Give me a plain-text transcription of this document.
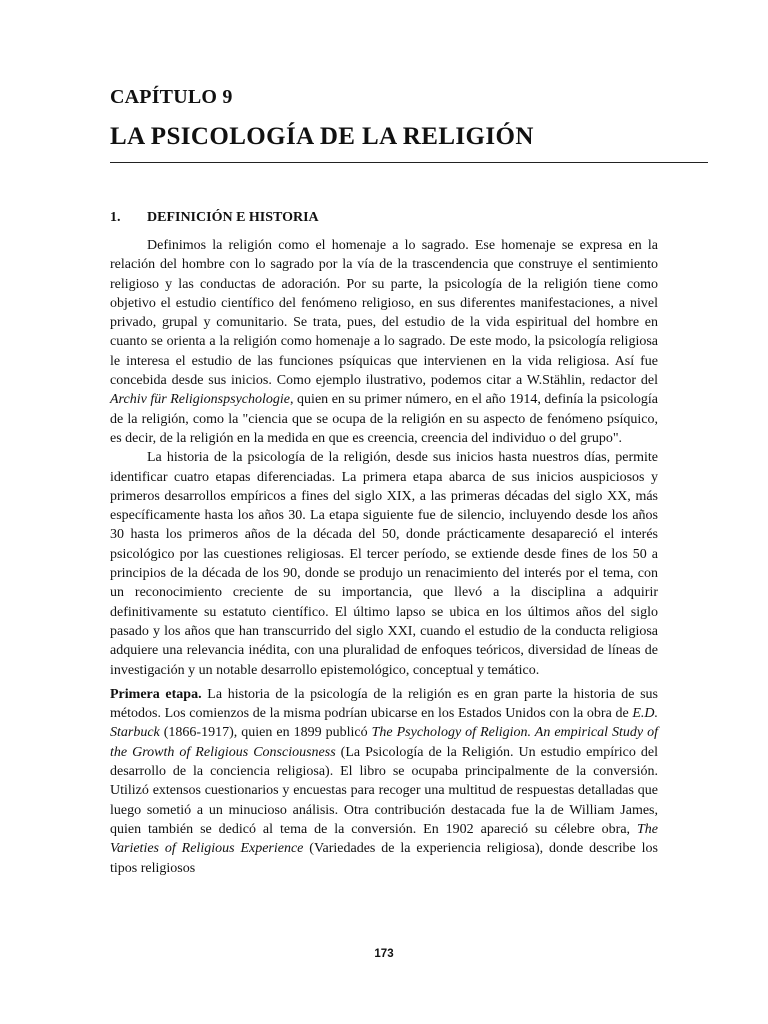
CAPÍTULO 9
LA PSICOLOGÍA DE LA RELIGIÓN
1. DEFINICIÓN E HISTORIA

Definimos la religión como el homenaje a lo sagrado. Ese homenaje se expresa en la relación del hombre con lo sagrado por la vía de la trascendencia que construye el sentimiento religioso y las conductas de adoración. Por su parte, la psicología de la religión tiene como objetivo el estudio científico del fenómeno religioso, en sus diferentes manifestaciones, a nivel privado, grupal y comunitario. Se trata, pues, del estudio de la vida espiritual del hombre en cuanto se orienta a la religión como homenaje a lo sagrado. De este modo, la psicología religiosa le interesa el estudio de las funciones psíquicas que intervienen en la vida religiosa. Así fue concebida desde sus inicios. Como ejemplo ilustrativo, podemos citar a W.Stählin, redactor del Archiv für Religionspsychologie, quien en su primer número, en el año 1914, definía la psicología de la religión, como la "ciencia que se ocupa de la religión en su aspecto de fenómeno psíquico, es decir, de la religión en la medida en que es creencia, creencia del individuo o del grupo".

La historia de la psicología de la religión, desde sus inicios hasta nuestros días, permite identificar cuatro etapas diferenciadas. La primera etapa abarca de sus inicios auspiciosos y primeros desarrollos empíricos a fines del siglo XIX, a las primeras décadas del siglo XX, más específicamente hasta los años 30. La etapa siguiente fue de silencio, incluyendo desde los años 30 hasta los primeros años de la década del 50, donde prácticamente desapareció el interés psicológico por las cuestiones religiosas. El tercer período, se extiende desde fines de los 50 a principios de la década de los 90, donde se produjo un renacimiento del interés por el tema, con un reconocimiento creciente de su importancia, que llevó a la disciplina a adquirir definitivamente su estatuto científico. El último lapso se ubica en los últimos años del siglo pasado y los años que han transcurrido del siglo XXI, cuando el estudio de la conducta religiosa adquiere una relevancia inédita, con una pluralidad de enfoques teóricos, diversidad de líneas de investigación y un notable desarrollo epistemológico, conceptual y temático.

Primera etapa. La historia de la psicología de la religión es en gran parte la historia de sus métodos. Los comienzos de la misma podrían ubicarse en los Estados Unidos con la obra de E.D. Starbuck (1866-1917), quien en 1899 publicó The Psychology of Religion. An empirical Study of the Growth of Religious Consciousness (La Psicología de la Religión. Un estudio empírico del desarrollo de la conciencia religiosa). El libro se ocupaba principalmente de la conversión. Utilizó extensos cuestionarios y encuestas para recoger una multitud de respuestas detalladas que luego sometió a un minucioso análisis. Otra contribución destacada fue la de William James, quien también se dedicó al tema de la conversión. En 1902 apareció su célebre obra, The Varieties of Religious Experience (Variedades de la experiencia religiosa), donde describe los tipos religiosos

173
